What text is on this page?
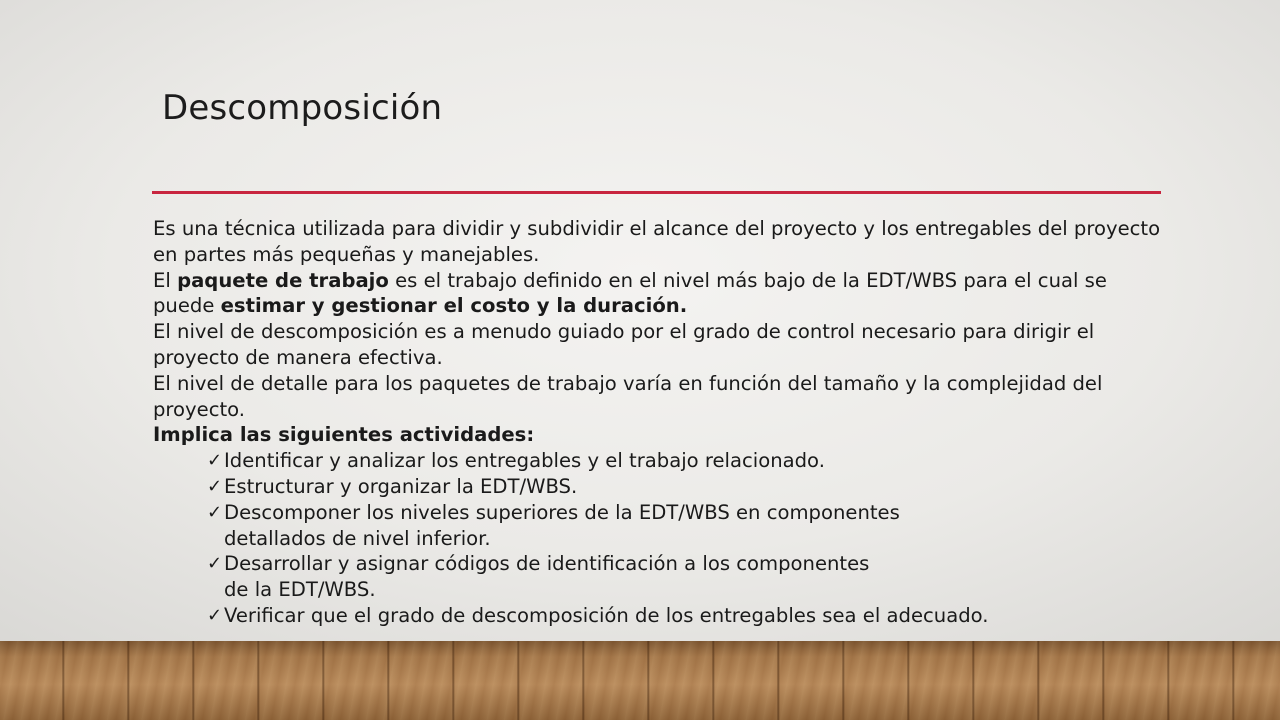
Descomposición

Es una técnica utilizada para dividir y subdividir el alcance del proyecto y los entregables del proyecto en partes más pequeñas y manejables.

El paquete de trabajo es el trabajo definido en el nivel más bajo de la EDT/WBS para el cual se puede estimar y gestionar el costo y la duración.

El nivel de descomposición es a menudo guiado por el grado de control necesario para dirigir el proyecto de manera efectiva.

El nivel de detalle para los paquetes de trabajo varía en función del tamaño y la complejidad del proyecto.

Implica las siguientes actividades:

✓ Identificar y analizar los entregables y el trabajo relacionado.
✓ Estructurar y organizar la EDT/WBS.
✓ Descomponer los niveles superiores de la EDT/WBS en componentes
detallados de nivel inferior.
✓ Desarrollar y asignar códigos de identificación a los componentes
de la EDT/WBS.
✓ Verificar que el grado de descomposición de los entregables sea el adecuado.
